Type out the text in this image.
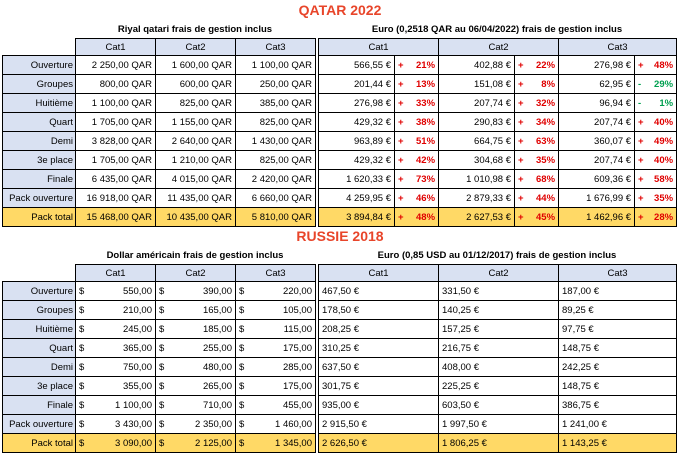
QATAR 2022
Riyal qatari frais de gestion inclus	Euro (0,2518 QAR au 06/04/2022) frais de gestion inclus
	Cat1	Cat2	Cat3
Ouverture	2 250,00 QAR	1 600,00 QAR	1 100,00 QAR
Groupes	800,00 QAR	600,00 QAR	250,00 QAR
Huitième	1 100,00 QAR	825,00 QAR	385,00 QAR
Quart	1 705,00 QAR	1 155,00 QAR	825,00 QAR
Demi	3 828,00 QAR	2 640,00 QAR	1 430,00 QAR
3e place	1 705,00 QAR	1 210,00 QAR	825,00 QAR
Finale	6 435,00 QAR	4 015,00 QAR	2 420,00 QAR
Pack ouverture	16 918,00 QAR	11 435,00 QAR	6 660,00 QAR
Pack total	15 468,00 QAR	10 435,00 QAR	5 810,00 QAR
Cat1		Cat2		Cat3	
566,55 €	+ 21%	402,88 €	+ 22%	276,98 €	+ 48%

201,44 €	+ 13%	151,08 €	+ 8%	62,95 €	- 29%

276,98 €	+ 33%	207,74 €	+ 32%	96,94 €	- 1%

429,32 €	+ 38%	290,83 €	+ 34%	207,74 €	+ 40%

963,89 €	+ 51%	664,75 €	+ 63%	360,07 €	+ 49%

429,32 €	+ 42%	304,68 €	+ 35%	207,74 €	+ 40%

1 620,33 €	+ 73%	1 010,98 €	+ 68%	609,36 €	+ 58%

4 259,95 €	+ 46%	2 879,33 €	+ 44%	1 676,99 €	+ 35%

3 894,84 €	+ 48%	2 627,53 €	+ 45%	1 462,96 €	+ 28%
RUSSIE 2018
Dollar américain frais de gestion inclus	Euro (0,85 USD au 01/12/2017) frais de gestion inclus
	Cat1	Cat2	Cat3
Ouverture	$ 550,00	$ 390,00	$ 220,00

Groupes	$ 210,00	$ 165,00	$ 105,00

Huitième	$ 245,00	$ 185,00	$ 115,00

Quart	$ 365,00	$ 255,00	$ 175,00

Demi	$ 750,00	$ 480,00	$ 285,00

3e place	$ 355,00	$ 265,00	$ 175,00

Finale	$ 1 100,00	$ 710,00	$ 455,00

Pack ouverture	$ 3 430,00	$ 2 350,00	$ 1 460,00

Pack total	$ 3 090,00	$ 2 125,00	$ 1 345,00
Cat1	Cat2	Cat3
467,50 €	331,50 €	187,00 €
178,50 €	140,25 €	89,25 €
208,25 €	157,25 €	97,75 €
310,25 €	216,75 €	148,75 €
637,50 €	408,00 €	242,25 €
301,75 €	225,25 €	148,75 €
935,00 €	603,50 €	386,75 €
2 915,50 €	1 997,50 €	1 241,00 €
2 626,50 €	1 806,25 €	1 143,25 €
